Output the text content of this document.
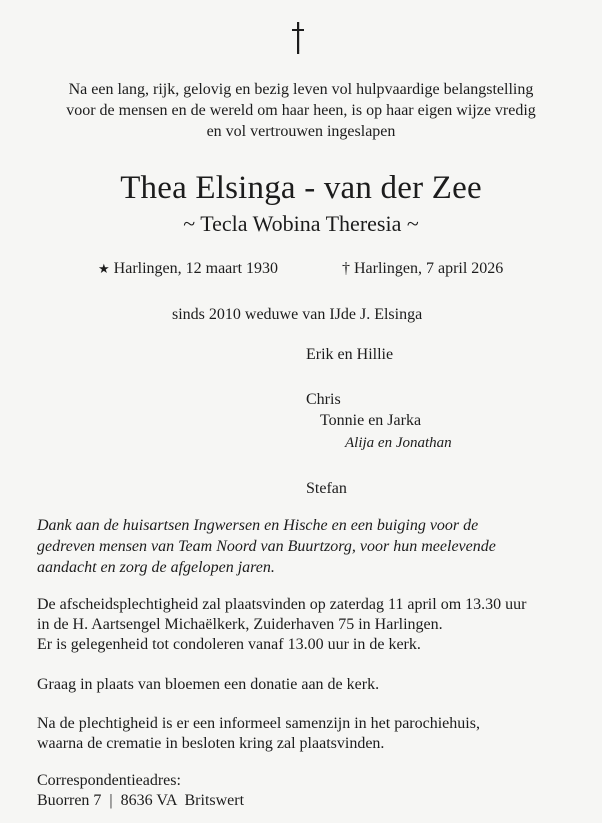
Na een lang, rijk, gelovig en bezig leven vol hulpvaardige belangstelling
voor de mensen en de wereld om haar heen, is op haar eigen wijze vredig
en vol vertrouwen ingeslapen
Thea Elsinga - van der Zee
~ Tecla Wobina Theresia ~
★ Harlingen, 12 maart 1930	† Harlingen, 7 april 2026
sinds 2010 weduwe van IJde J. Elsinga
Erik en Hillie
Chris
Tonnie en Jarka
Alija en Jonathan
Stefan
Dank aan de huisartsen Ingwersen en Hische en een buiging voor de
gedreven mensen van Team Noord van Buurtzorg, voor hun meelevende
aandacht en zorg de afgelopen jaren.
De afscheidsplechtigheid zal plaatsvinden op zaterdag 11 april om 13.30 uur
in de H. Aartsengel Michaëlkerk, Zuiderhaven 75 in Harlingen.
Er is gelegenheid tot condoleren vanaf 13.00 uur in de kerk.
Graag in plaats van bloemen een donatie aan de kerk.
Na de plechtigheid is er een informeel samenzijn in het parochiehuis,
waarna de crematie in besloten kring zal plaatsvinden.
Correspondentieadres:
Buorren 7  |  8636 VA  Britswert
